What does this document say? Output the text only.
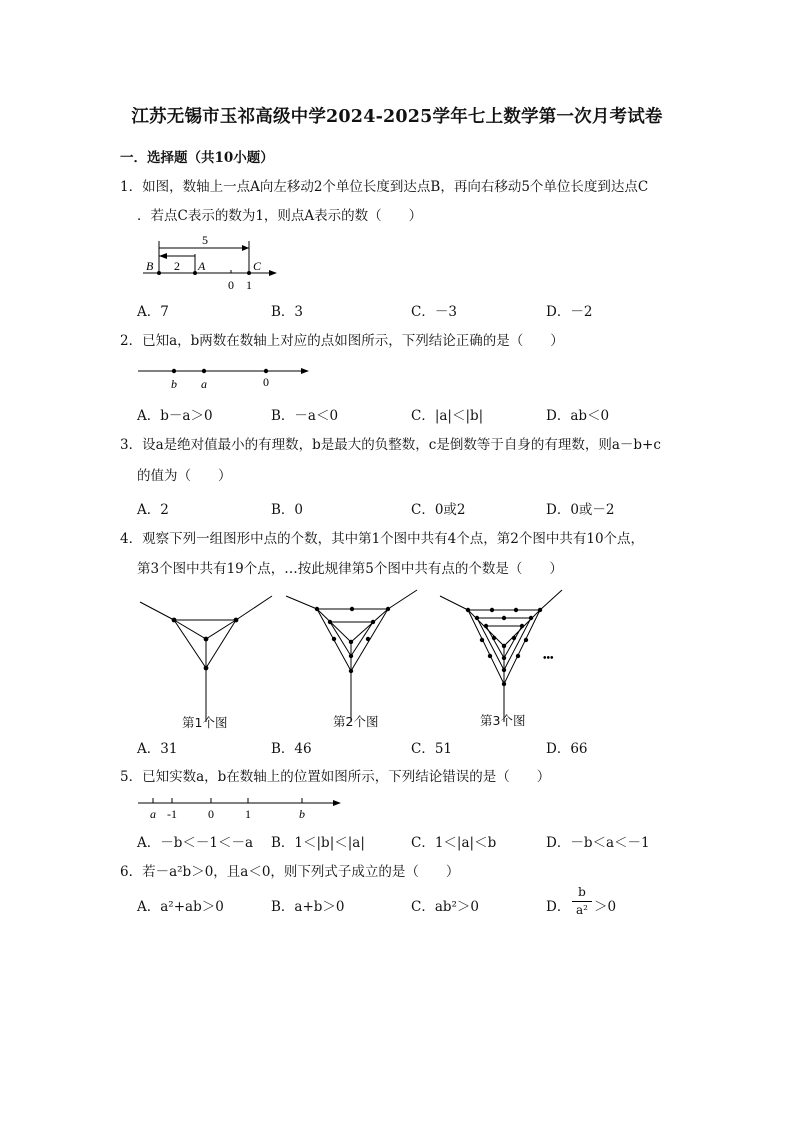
江苏无锡市玉祁高级中学2024-2025学年七上数学第一次月考试卷
一．选择题（共10小题）
1．如图，数轴上一点A向左移动2个单位长度到达点B，再向右移动5个单位长度到达点C
．若点C表示的数为1，则点A表示的数（　　）
5
2
B	A	C
0 1
A．7	B．3	C．－3	D．－2
2．已知a，b两数在数轴上对应的点如图所示，下列结论正确的是（　　）
b a	0
A．b－a＞0	B．－a＜0	C．|a|＜|b|	D．ab＜0
3．设a是绝对值最小的有理数，b是最大的负整数，c是倒数等于自身的有理数，则a－b+c
的值为（　　）
A．2	B．0	C．0或2	D．0或－2
4．观察下列一组图形中点的个数，其中第1个图中共有4个点，第2个图中共有10个点，
第3个图中共有19个点，…按此规律第5个图中共有点的个数是（　　）
•••
第1个图	第2个图	第3个图
A．31	B．46	C．51	D．66
5．已知实数a，b在数轴上的位置如图所示，下列结论错误的是（　　）
a -1	0	1	b
A．－b＜－1＜－a B．1＜|b|＜|a|	C．1＜|a|＜b	D．－b＜a＜－1
6．若－a²b＞0，且a＜0，则下列式子成立的是（　　）
A．a²+ab＞0	B．a+b＞0	C．ab²＞0	D．
b
a² ＞0
